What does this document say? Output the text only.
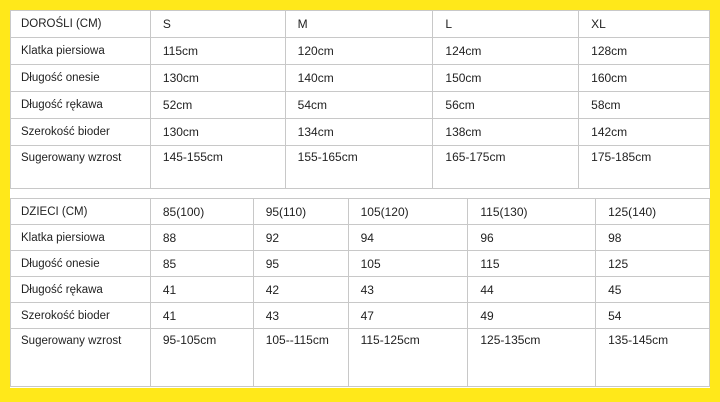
DOROŚLI (CM)	S	M	L	XL
Klatka piersiowa	115cm	120cm	124cm	128cm
Długość onesie	130cm	140cm	150cm	160cm
Długość rękawa	52cm	54cm	56cm	58cm
Szerokość bioder	130cm	134cm	138cm	142cm
Sugerowany wzrost	145-155cm	155-165cm	165-175cm	175-185cm
DZIECI (CM)	85(100)	95(110)	105(120)	115(130)	125(140)
Klatka piersiowa	88	92	94	96	98
Długość onesie	85	95	105	115	125
Długość rękawa	41	42	43	44	45
Szerokość bioder	41	43	47	49	54
Sugerowany wzrost	95-105cm	105--115cm	115-125cm	125-135cm	135-145cm
